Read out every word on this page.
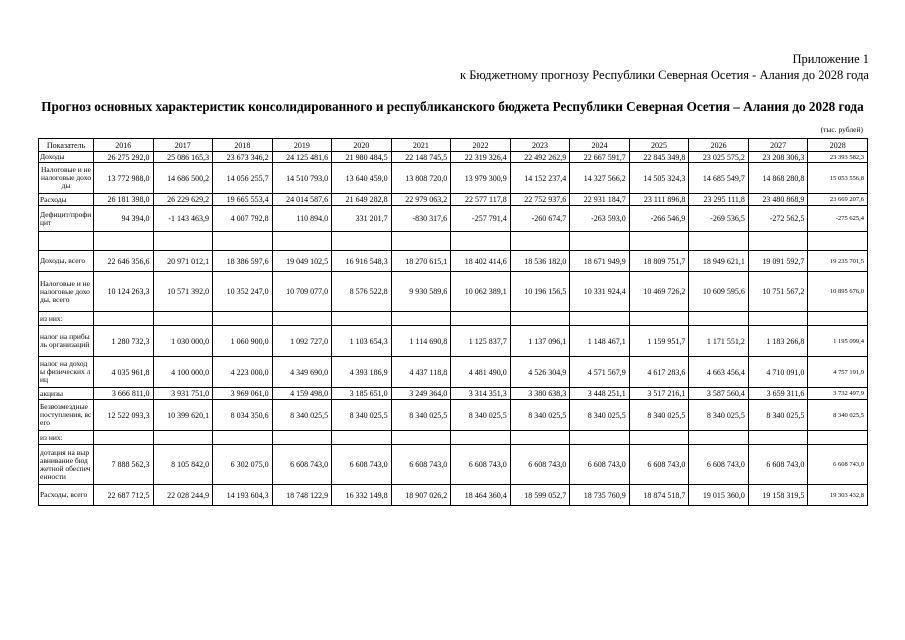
Приложение 1
к Бюджетному прогнозу Республики Северная Осетия - Алания до 2028 года
Прогноз основных характеристик консолидированного и республиканского бюджета Республики Северная Осетия – Алания до 2028 года
(тыс. рублей)
Показатель	2016	2017	2018	2019	2020	2021	2022	2023	2024	2025	2026	2027	2028
Доходы	26 275 292,0	25 086 165,3	23 673 346,2	24 125 481,6	21 980 484,5	22 148 745,5	22 319 326,4	22 492 262,9	22 667 591,7	22 845 349,8	23 025 575,2	23 208 306,3	23 393 582,3
Налоговые и неналоговые доходы	13 772 988,0	14 686 500,2	14 056 255,7	14 510 793,0	13 640 459,0	13 808 720,0	13 979 300,9	14 152 237,4	14 327 566,2	14 505 324,3	14 685 549,7	14 868 280,8	15 053 556,8
Расходы	26 181 398,0	26 229 629,2	19 665 553,4	24 014 587,6	21 649 282,8	22 979 063,2	22 577 117,8	22 752 937,6	22 931 184,7	23 111 896,8	23 295 111,8	23 480 868,9	23 669 207,6
Дефицит/профицит	94 394,0	-1 143 463,9	4 007 792,8	110 894,0	331 201,7	-830 317,6	-257 791,4	-260 674,7	-263 593,0	-266 546,9	-269 536,5	-272 562,5	-275 625,4

Доходы, всего	22 646 356,6	20 971 012,1	18 386 597,6	19 049 102,5	16 916 548,3	18 270 615,1	18 402 414,6	18 536 182,0	18 671 949,9	18 809 751,7	18 949 621,1	19 091 592,7	19 235 701,5
Налоговые и неналоговые доходы, всего	10 124 263,3	10 571 392,0	10 352 247,0	10 709 077,0	8 576 522,8	9 930 589,6	10 062 389,1	10 196 156,5	10 331 924,4	10 469 726,2	10 609 595,6	10 751 567,2	10 895 676,0
из них:													
налог на прибыль организаций	1 280 732,3	1 030 000,0	1 060 900,0	1 092 727,0	1 103 654,3	1 114 690,8	1 125 837,7	1 137 096,1	1 148 467,1	1 159 951,7	1 171 551,2	1 183 266,8	1 195 099,4
налог на доходы физических лиц	4 035 961,8	4 100 000,0	4 223 000,0	4 349 690,0	4 393 186,9	4 437 118,8	4 481 490,0	4 526 304,9	4 571 567,9	4 617 283,6	4 663 456,4	4 710 091,0	4 757 191,9
акцизы	3 666 811,0	3 931 751,0	3 969 061,0	4 159 498,0	3 185 651,0	3 249 364,0	3 314 351,3	3 380 638,3	3 448 251,1	3 517 216,1	3 587 560,4	3 659 311,6	3 732 497,9
Безвозмездные поступления, всего	12 522 093,3	10 399 620,1	8 034 350,6	8 340 025,5	8 340 025,5	8 340 025,5	8 340 025,5	8 340 025,5	8 340 025,5	8 340 025,5	8 340 025,5	8 340 025,5	8 340 025,5
из них:													
дотация на выравнивание бюджетной обеспеченности	7 888 562,3	8 105 842,0	6 302 075,0	6 608 743,0	6 608 743,0	6 608 743,0	6 608 743,0	6 608 743,0	6 608 743,0	6 608 743,0	6 608 743,0	6 608 743,0	6 608 743,0
Расходы, всего	22 687 712,5	22 028 244,9	14 193 604,3	18 748 122,9	16 332 149,8	18 907 026,2	18 464 360,4	18 599 052,7	18 735 760,9	18 874 518,7	19 015 360,0	19 158 319,5	19 303 432,8
